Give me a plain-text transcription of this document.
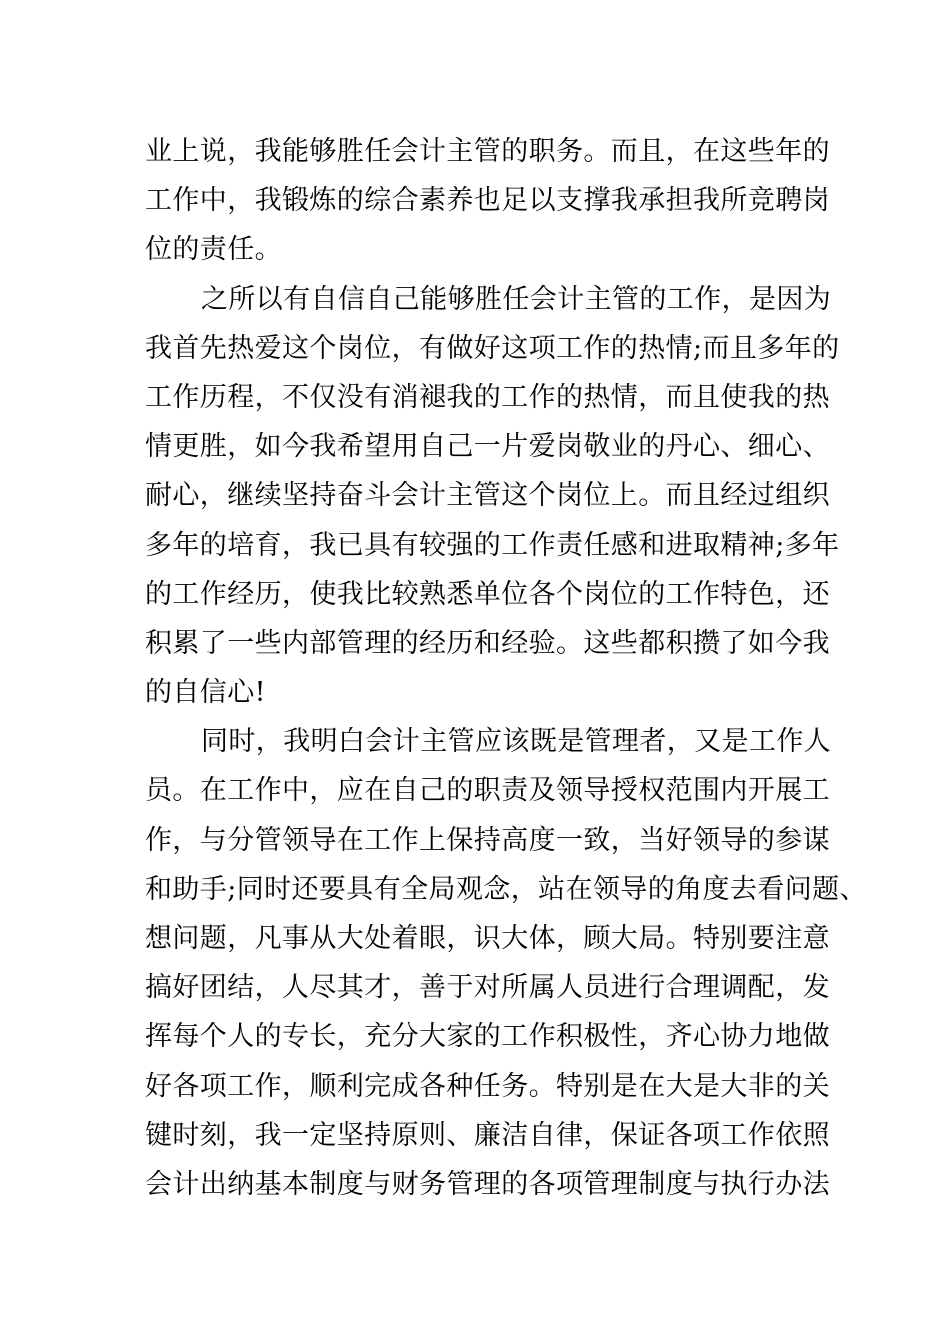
业上说，我能够胜任会计主管的职务。而且，在这些年的
工作中，我锻炼的综合素养也足以支撑我承担我所竞聘岗
位的责任。
之所以有自信自己能够胜任会计主管的工作，是因为
我首先热爱这个岗位，有做好这项工作的热情;而且多年的
工作历程，不仅没有消褪我的工作的热情，而且使我的热
情更胜，如今我希望用自己一片爱岗敬业的丹心、细心、
耐心，继续坚持奋斗会计主管这个岗位上。而且经过组织
多年的培育，我已具有较强的工作责任感和进取精神;多年
的工作经历，使我比较熟悉单位各个岗位的工作特色，还
积累了一些内部管理的经历和经验。这些都积攒了如今我
的自信心!
同时，我明白会计主管应该既是管理者，又是工作人
员。在工作中，应在自己的职责及领导授权范围内开展工
作，与分管领导在工作上保持高度一致，当好领导的参谋
和助手;同时还要具有全局观念，站在领导的角度去看问题、
想问题，凡事从大处着眼，识大体，顾大局。特别要注意
搞好团结，人尽其才，善于对所属人员进行合理调配，发
挥每个人的专长，充分大家的工作积极性，齐心协力地做
好各项工作，顺利完成各种任务。特别是在大是大非的关
键时刻，我一定坚持原则、廉洁自律，保证各项工作依照
会计出纳基本制度与财务管理的各项管理制度与执行办法
